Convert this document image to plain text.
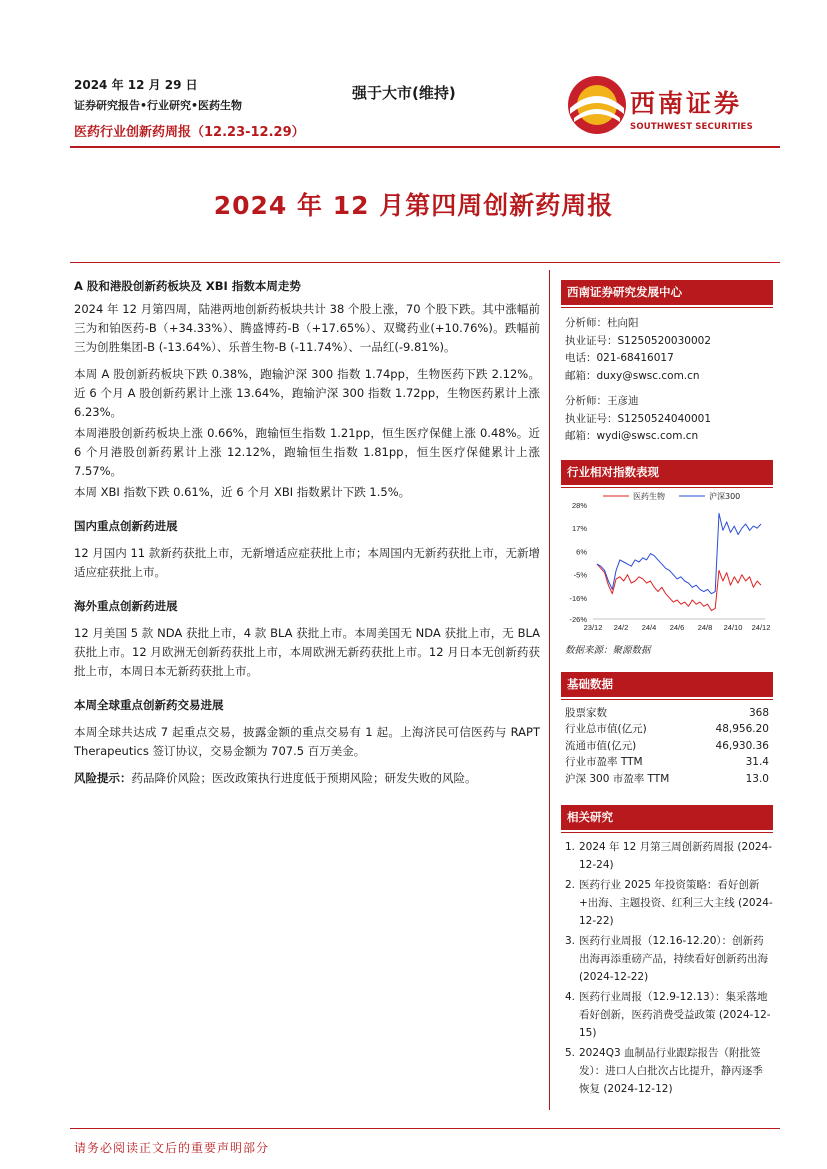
2024 年 12 月 29 日
证券研究报告•行业研究•医药生物
医药行业创新药周报（12.23-12.29）
强于大市(维持)	西南证券
SOUTHWEST SECURITIES
2024 年 12 月第四周创新药周报
A 股和港股创新药板块及 XBI 指数本周走势

2024 年 12 月第四周，陆港两地创新药板块共计 38 个股上涨，70 个股下跌。其中涨幅前三为和铂医药-B（+34.33%）、腾盛博药-B（+17.65%）、双鹭药业(+10.76%)。跌幅前三为创胜集团-B (-13.64%）、乐普生物-B (-11.74%）、一品红(-9.81%)。

本周 A 股创新药板块下跌 0.38%，跑输沪深 300 指数 1.74pp，生物医药下跌 2.12%。近 6 个月 A 股创新药累计上涨 13.64%，跑输沪深 300 指数 1.72pp，生物医药累计上涨 6.23%。

本周港股创新药板块上涨 0.66%，跑输恒生指数 1.21pp，恒生医疗保健上涨 0.48%。近 6 个月港股创新药累计上涨 12.12%，跑输恒生指数 1.81pp，恒生医疗保健累计上涨 7.57%。

本周 XBI 指数下跌 0.61%，近 6 个月 XBI 指数累计下跌 1.5%。

国内重点创新药进展

12 月国内 11 款新药获批上市，无新增适应症获批上市；本周国内无新药获批上市，无新增适应症获批上市。

海外重点创新药进展

12 月美国 5 款 NDA 获批上市，4 款 BLA 获批上市。本周美国无 NDA 获批上市，无 BLA 获批上市。12 月欧洲无创新药获批上市，本周欧洲无新药获批上市。12 月日本无创新药获批上市，本周日本无新药获批上市。

本周全球重点创新药交易进展

本周全球共达成 7 起重点交易，披露金额的重点交易有 1 起。上海济民可信医药与 RAPT Therapeutics 签订协议，交易金额为 707.5 百万美金。

风险提示：药品降价风险；医改政策执行进度低于预期风险；研发失败的风险。
西南证券研究发展中心
分析师：杜向阳
执业证号：S1250520030002
电话：021-68416017
邮箱：duxy@swsc.com.cn
分析师：王彦迪
执业证号：S1250524040001
邮箱：wydi@swsc.com.cn
行业相对指数表现
28%
17%
6%
-5%
-16%
-26%
23/12 24/2 24/4 24/6 24/8 24/10 24/12
医药生物	沪深300
数据来源：聚源数据
基础数据
股票家数	368
行业总市值(亿元)	48,956.20
流通市值(亿元)	46,930.36
行业市盈率 TTM	31.4
沪深 300 市盈率 TTM	13.0
相关研究
1. 2024 年 12 月第三周创新药周报 (2024-12-24)
2. 医药行业 2025 年投资策略：看好创新+出海、主题投资、红利三大主线 (2024-12-22)
3. 医药行业周报（12.16-12.20）：创新药出海再添重磅产品，持续看好创新药出海 (2024-12-22)
4. 医药行业周报（12.9-12.13）：集采落地看好创新，医药消费受益政策 (2024-12-15)
5. 2024Q3 血制品行业跟踪报告（附批签发）：进口人白批次占比提升，静丙逐季恢复 (2024-12-12)
请务必阅读正文后的重要声明部分
